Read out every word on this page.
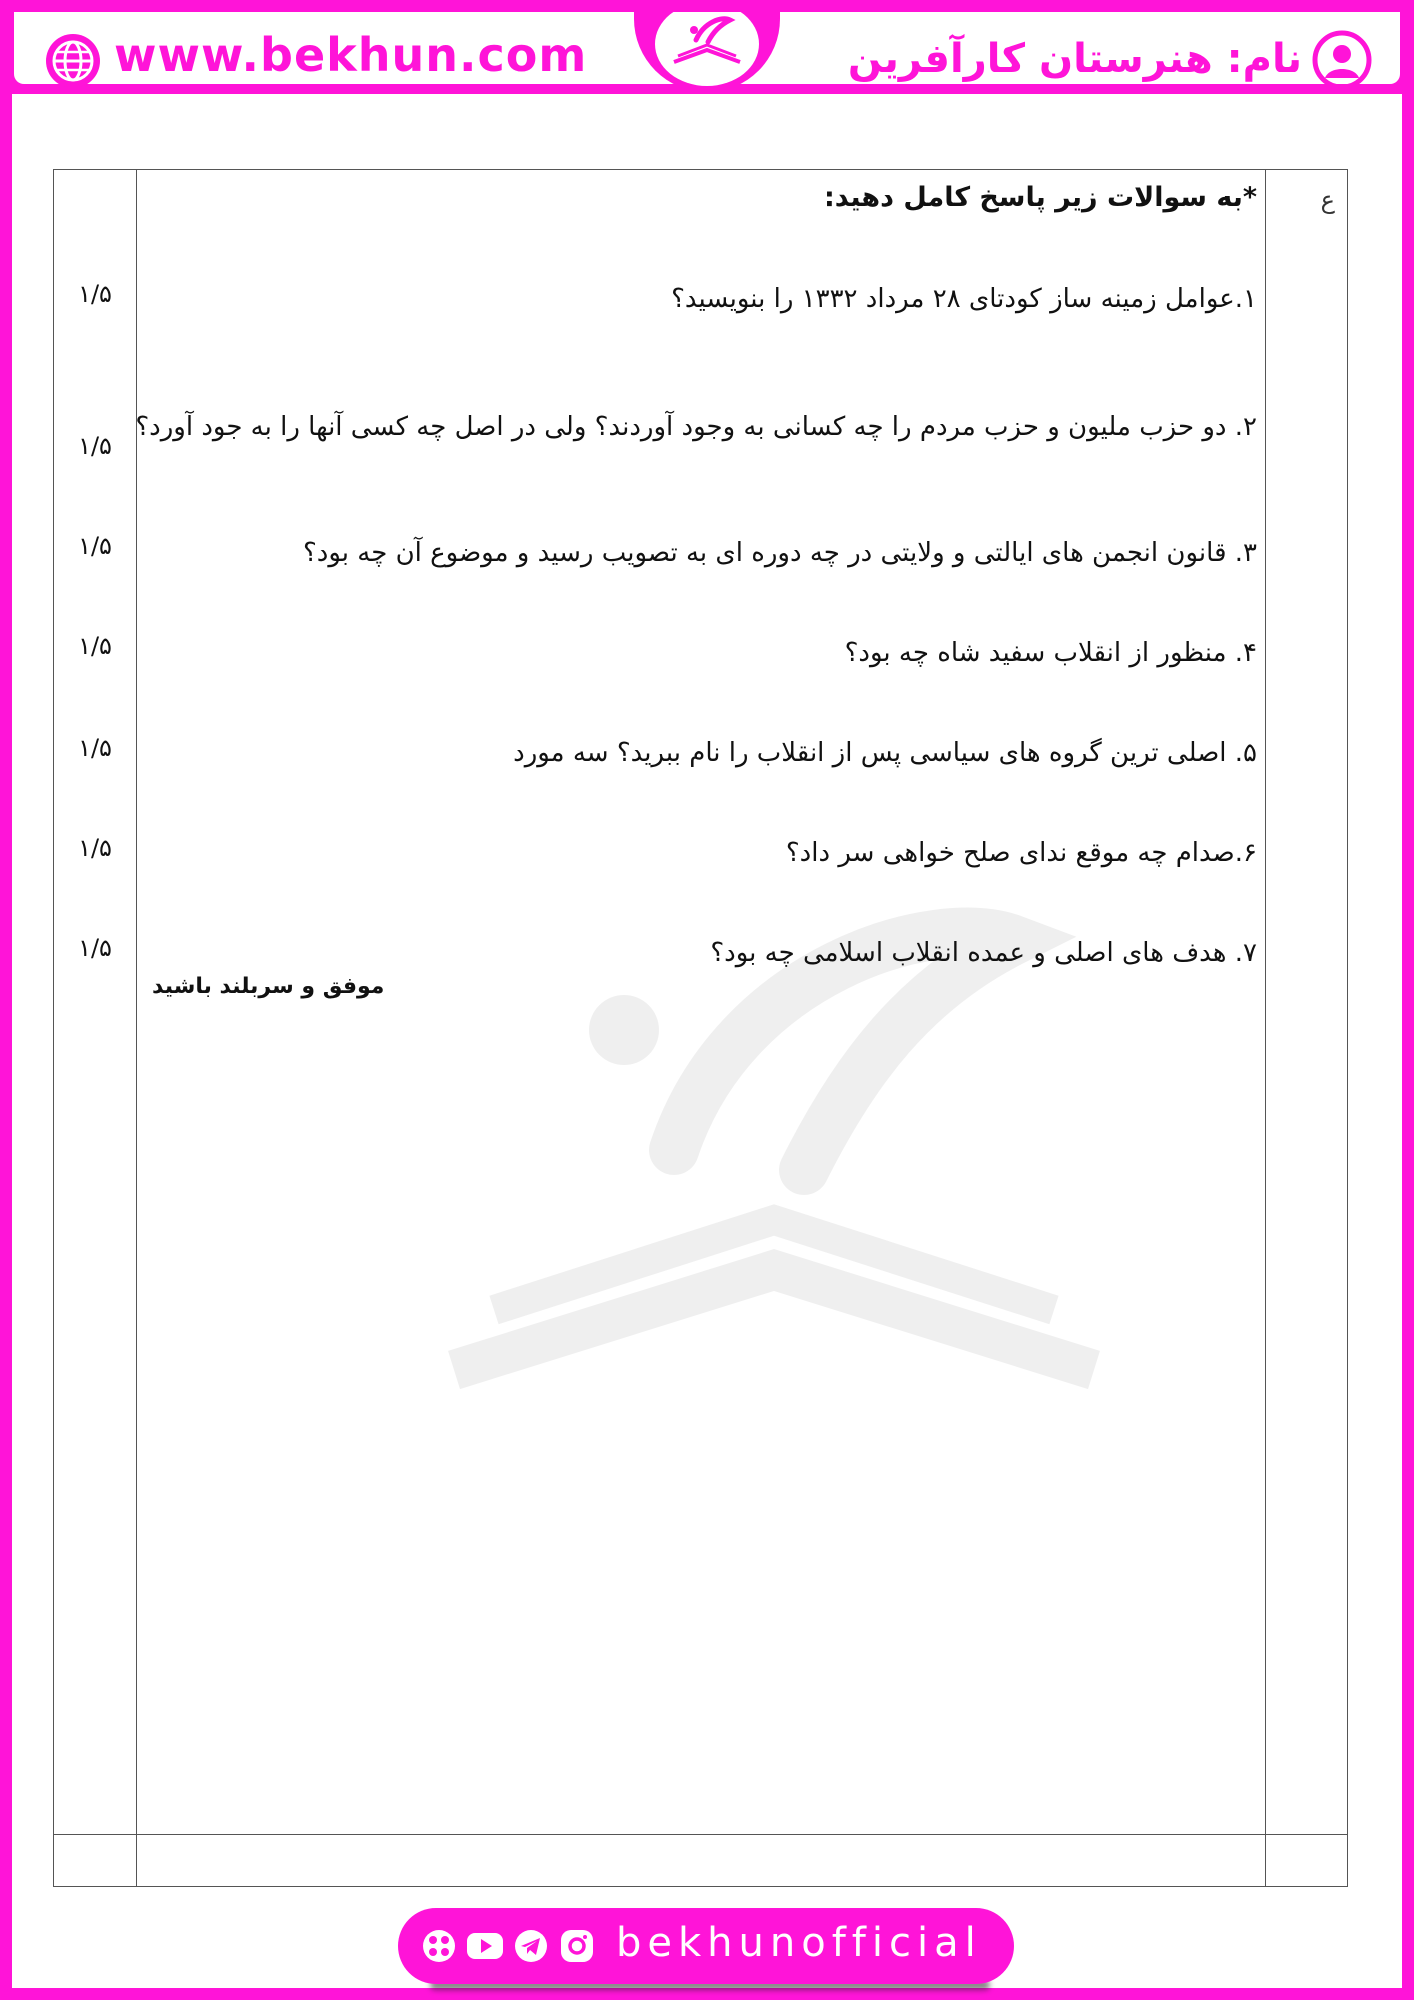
www.bekhun.com	نام: هنرستان کارآفرین
ع
*به سوالات زیر پاسخ کامل دهید:
۱.عوامل زمینه ساز کودتای ۲۸ مرداد ۱۳۳۲ را بنویسید؟
۱/۵
۲. دو حزب ملیون و حزب مردم را چه کسانی به وجود آوردند؟ ولی در اصل چه کسی آنها را به جود آورد؟
۱/۵
۳. قانون انجمن های ایالتی و ولایتی در چه دوره ای به تصویب رسید و موضوع آن چه بود؟
۱/۵
۴. منظور از انقلاب سفید شاه چه بود؟
۱/۵
۵. اصلی ترین گروه های سیاسی پس از انقلاب را نام ببرید؟ سه مورد
۱/۵
۶.صدام چه موقع ندای صلح خواهی سر داد؟
۱/۵
۷. هدف های اصلی و عمده انقلاب اسلامی چه بود؟
۱/۵
موفق و سربلند باشید
bekhunofficial
